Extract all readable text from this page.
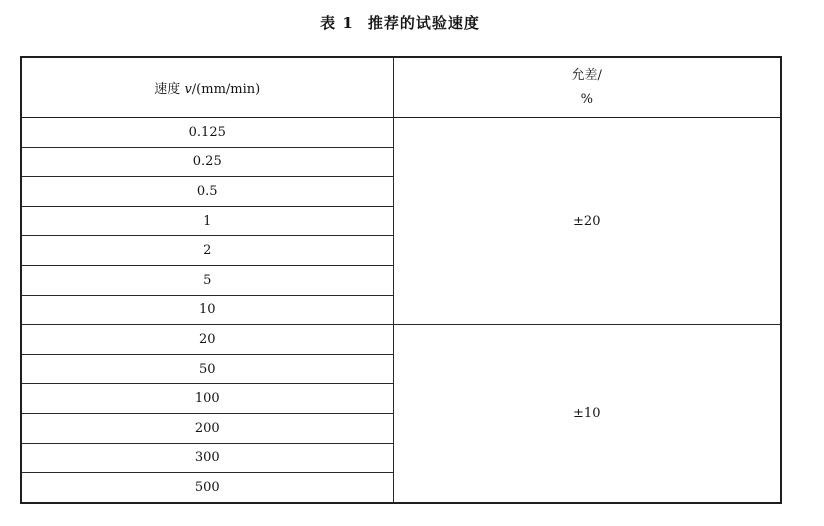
表 1 推荐的试验速度
速度 v/(mm/min)	允差/
%

0.125	±20
0.25	
0.5	
1	
2	
5	
10	
20	±10
50	
100	
200	
300	
500	
